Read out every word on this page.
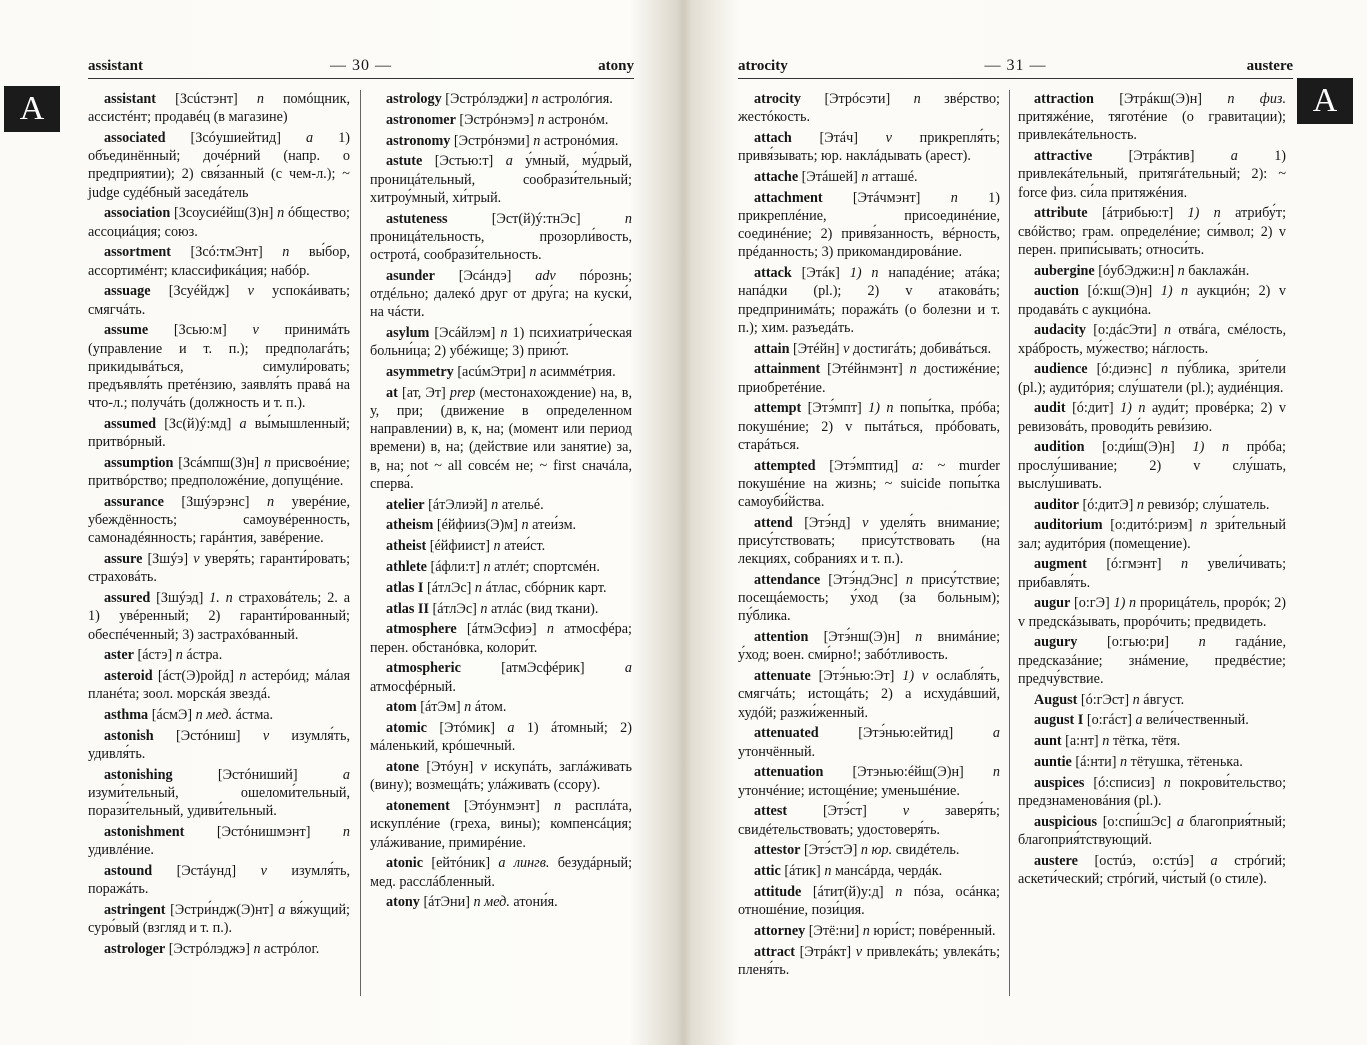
A
assistant	— 30 —	atony
assistant [Зсúстэнт] n помóщник, ассистéнт; продавéц (в магазине)
associated [Зсóушиейтид] a 1) объединённый; дочéрний (напр. о предприятии); 2) свя́занный (с чем-л.); ~ judge судéбный заседáтель
association [Зсоусиéйш(З)н] n óбщество; ассоциáция; союз.
assortment [Зсó:тмЭнт] n вы́бор, ассортимéнт; классификáция; набóр.
assuage [Зсуéйдж] v успокáивать; смягчáть.
assume [Зсью:м] v принимáть (управление и т. п.); предполагáть; прикидывáться, симули́ровать; предъявля́ть претéнзию, заявля́ть правá на что-л.; получáть (должность и т. п.).
assumed [Зс(й)ý:мд] a вы́мышленный; притвóрный.
assumption [Зсáмпш(З)н] n присвоéние; притвóрство; предположéние, допущéние.
assurance [Зшýэрэнс] n уверéние, убеждённость; самоувéренность, самонадéянность; гарáнтия, завéрение.
assure [Зшýэ] v уверя́ть; гаранти́ровать; страховáть.
assured [Зшýэд] 1. n страховáтель; 2. a 1) увéренный; 2) гаранти́рованный; обеспéченный; 3) застрахóванный.
aster [áстэ] n áстра.
asteroid [áст(Э)ройд] n астерóид; мáлая планéта; зоол. морскáя звездá.
asthma [áсмЭ] n мед. áстма.
astonish [Эстóниш] v изумля́ть, удивля́ть.
astonishing	[Эстóниший]	a изуми́тельный, ошеломи́тельный, порази́тельный, удиви́тельный.
astonishment [Эстóнишмэнт] n удивлéние.
astound [Эстáунд] v изумля́ть, поражáть.
astringent [Эстри́ндж(Э)нт] a вя́жущий; суро́вый (взгляд и т. п.).
astrologer [Эстрóлэджэ] n астрóлог.
astrology [Эстрóлэджи] n астролóгия.
astronomer [Эстрóнэмэ] n астронóм.
astronomy [Эстрóнэми] n астронóмия.
astute [Эстью:т] a у́мный, му́дрый, проницáтельный, сообрази́тельный; хитроу́мный, хи́трый.
astuteness	[Эст(й)ý:тнЭс]	n проницáтельность, прозорли́вость, остротá, сообрази́тельность.
asunder [Эсáндэ] adv пóрознь; отдéльно; далекó друг от дру́га; на куски́, на чáсти.
asylum [Эсáйлэм] n 1) психиатри́ческая больни́ца; 2) убéжище; 3) прию́т.
asymmetry [асúмЭтри] n асиммéтрия.
at [ат, Эт] prep (местонахождение) на, в, у, при; (движение в определенном направлении) в, к, на; (момент или период времени) в, на; (действие или занятие) за, в, на; not ~ all совсéм не; ~ first сначáла, сперва́.
atelier [áтЭлиэй] n ательé.
atheism [éйфииз(Э)м] n атеи́зм.
atheist [éйфиист] n атеи́ст.
athlete [áфли:т] n атлéт; спортсмéн.
atlas I [áтлЭс] n áтлас, сбóрник карт.
atlas II [áтлЭс] n атлáс (вид ткани).
atmosphere [áтмЭсфиэ] n атмосфéра; перен. обстанóвка, колори́т.
atmospheric	[атмЭсфéрик]	a атмосфéрный.
atom [áтЭм] n áтом.
atomic [Этóмик] a 1) áтомный; 2) мáленький, крóшечный.
atone [Этóун] v искупáть, заглáживать (вину); возмещáть; улáживать (ссору).
atonement [Этóунмэнт] n расплáта, искуплéние (греха, вины); компенсáция; улáживание, примирéние.
atonic [ейтóник] a лингв. безудáрный; мед. расслáбленный.
atony [áтЭни] n мед. атони́я.
A
atrocity	— 31 —	austere
atrocity [Этрóсэти] n звéрство; жестóкость.
attach [Этáч] v прикрепля́ть; привя́зывать; юр. наклáдывать (арест).
attache [Этáшей] n атташé.
attachment [Этáчмэнт] n 1) прикреплéние, присоединéние, соединéние; 2) привя́занность, вéрность, прéданность; 3) прикомандировáние.
attack [Этáк] 1) n нападéние; атáка; напáдки (pl.); 2) v атаковáть; предпринимáть; поражáть (о болезни и т. п.); хим. разъедáть.
attain [Этéйн] v достигáть; добивáться.
attainment [Этéйнмэнт] n достижéние; приобретéние.
attempt [Этэ́мпт] 1) n попы́тка, прóба; покушéние; 2) v пытáться, прóбовать, старáться.
attempted [Этэ́мптид] a: ~ murder покушéние на жизнь; ~ suicide попы́тка самоуби́йства.
attend [Этэ́нд] v уделя́ть вниманиe; прису́тствовать; прису́тствовать (на лекциях, собраниях и т. п.).
attendance [Этэ́ндЭнс] n прису́тствие; посещáемость; у́ход (за больным); пу́блика.
attention [Этэ́нш(Э)н] n внимáние; у́ход; воен. сми́рно!; забóтливость.
attenuate [Этэ́нью:Эт] 1) v ослабля́ть, смягчáть; истощáть; 2) a исхудáвший, худóй; разжи́женный.
attenuated	[Этэ́нью:ейтид]	a утончённый.
attenuation [Этэнью:éйш(Э)н] n утончéние; истощéние; уменьшéние.
attest	[Этэ́ст]	v	заверя́ть; свидéтельствовать; удостоверя́ть.
attestor [Этэ́стЭ] n юр. свидéтель.
attic [áтик] n мансáрда, чердáк.
attitude [áтит(й)у:д] n пóза, осáнка; отношéние, пози́ция.
attorney [Этё:ни] n юри́ст; повéренный.
attract [Этрáкт] v привлекáть; увлекáть; пленя́ть.
attraction [Этрáкш(Э)н] n физ. притяжéние, тяготéние (о гравитации); привлекáтельность.
attractive	[Этрáктив]	a	1) привлекáтельный, притягáтельный; 2): ~ force физ. си́ла притяжéния.
attribute [áтрибью:т] 1) n атрибу́т; свóйство; грам. определéние; си́мвол; 2) v перен. припи́сывать; относи́ть.
aubergine [óубЭджи:н] n баклажáн.
auction [ó:кш(Э)н] 1) n аукциóн; 2) v продавáть с аукциóна.
audacity [о:дáсЭти] n отвáга, смéлость, хрáбрость, му́жество; нáглость.
audience [ó:диэнс] n пу́блика, зри́тели (pl.); аудитóрия; слу́шатели (pl.); аудиéнция.
audit [ó:дит] 1) n ауди́т; провéрка; 2) v ревизовáть, проводи́ть реви́зию.
audition [о:ди́ш(Э)н] 1) n прóба; прослу́шивание; 2) v слу́шать, выслу́шивать.
auditor [ó:дитЭ] n ревизóр; слу́шатель.
auditorium [о:дитó:риэм] n зри́тельный зал; аудитóрия (помещение).
augment [ó:гмэнт] n увели́чивать; прибавля́ть.
augur [о:гЭ] 1) n прорицáтель, прорóк; 2) v предскáзывать, прорóчить; предвидеть.
augury [о:гью:ри] n гадáние, предсказáние; знáмение, предвéстие; предчу́вствие.
August [ó:гЭст] n áвгуст.
august I [о:гáст] a вели́чественный.
aunt [а:нт] n тётка, тётя.
auntie [á:нти] n тётушка, тётенька.
auspices [ó:списиз] n покрови́тельство; предзнаменовáния (pl.).
auspicious [о:спи́шЭс] a благоприя́тный; благоприя́тствующий.
austere [остúэ, о:стúэ] a стрóгий; аскети́ческий; стрóгий, чи́стый (о стиле).
